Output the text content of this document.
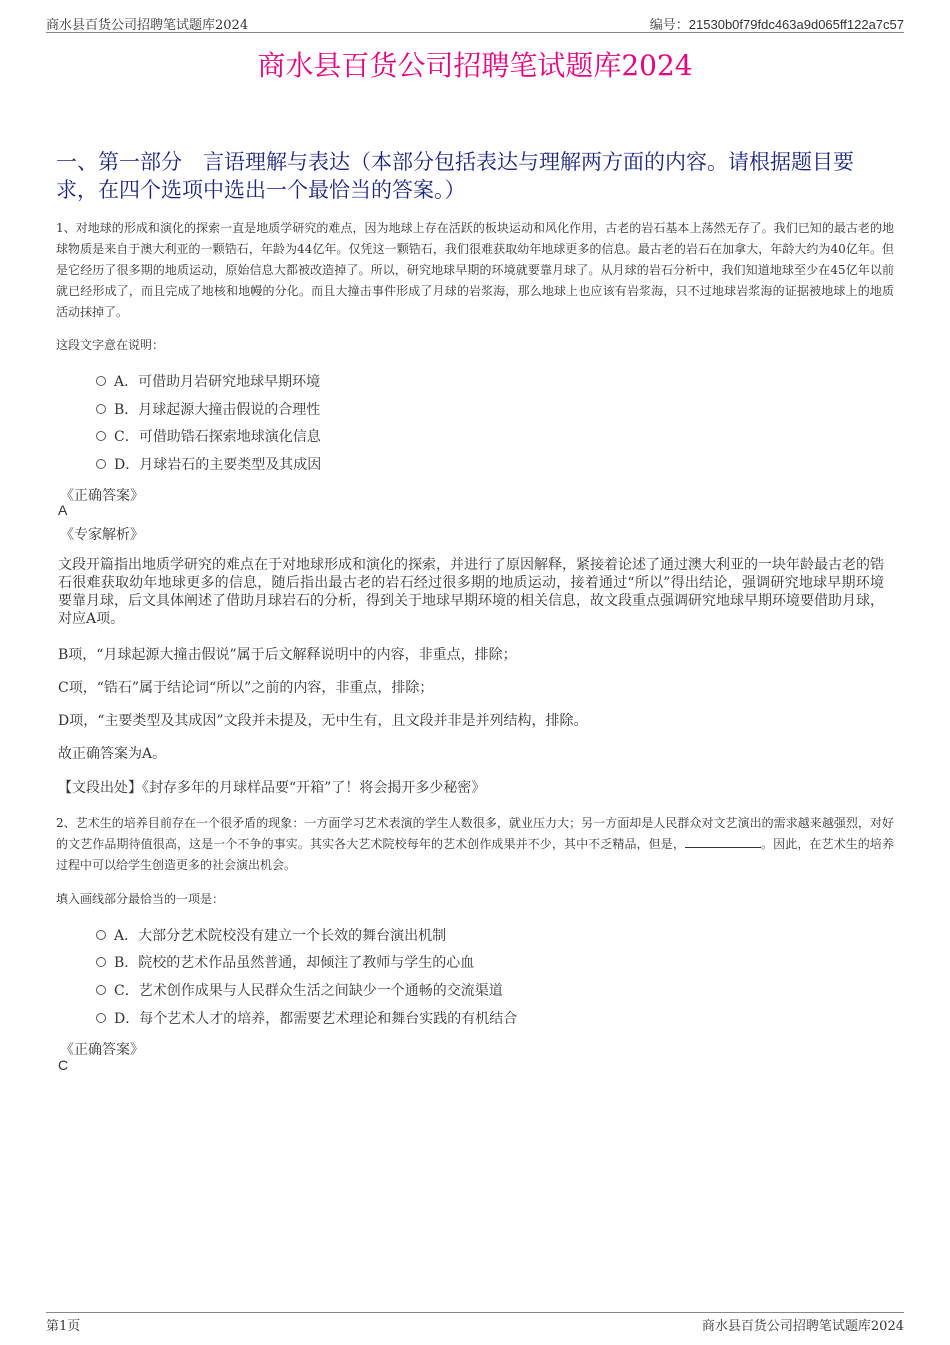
商水县百货公司招聘笔试题库2024	编号：21530b0f79fdc463a9d065ff122a7c57
商水县百货公司招聘笔试题库2024
一、第一部分　言语理解与表达（本部分包括表达与理解两方面的内容。请根据题目要求，在四个选项中选出一个最恰当的答案。）
1、对地球的形成和演化的探索一直是地质学研究的难点，因为地球上存在活跃的板块运动和风化作用，古老的岩石基本上荡然无存了。我们已知的最古老的地球物质是来自于澳大利亚的一颗锆石，年龄为44亿年。仅凭这一颗锆石，我们很难获取幼年地球更多的信息。最古老的岩石在加拿大，年龄大约为40亿年。但是它经历了很多期的地质运动，原始信息大都被改造掉了。所以，研究地球早期的环境就要靠月球了。从月球的岩石分析中，我们知道地球至少在45亿年以前就已经形成了，而且完成了地核和地幔的分化。而且大撞击事件形成了月球的岩浆海，那么地球上也应该有岩浆海，只不过地球岩浆海的证据被地球上的地质活动抹掉了。
这段文字意在说明：
A．可借助月岩研究地球早期环境
B．月球起源大撞击假说的合理性
C．可借助锆石探索地球演化信息
D．月球岩石的主要类型及其成因
《正确答案》
A
《专家解析》
文段开篇指出地质学研究的难点在于对地球形成和演化的探索，并进行了原因解释，紧接着论述了通过澳大利亚的一块年龄最古老的锆石很难获取幼年地球更多的信息，随后指出最古老的岩石经过很多期的地质运动，接着通过“所以”得出结论，强调研究地球早期环境要靠月球，后文具体阐述了借助月球岩石的分析，得到关于地球早期环境的相关信息，故文段重点强调研究地球早期环境要借助月球，对应A项。
B项，“月球起源大撞击假说”属于后文解释说明中的内容，非重点，排除；
C项，“锆石”属于结论词“所以”之前的内容，非重点，排除；
D项，“主要类型及其成因”文段并未提及，无中生有，且文段并非是并列结构，排除。
故正确答案为A。
【文段出处】《封存多年的月球样品要“开箱”了！将会揭开多少秘密》
2、艺术生的培养目前存在一个很矛盾的现象：一方面学习艺术表演的学生人数很多，就业压力大；另一方面却是人民群众对文艺演出的需求越来越强烈，对好的文艺作品期待值很高，这是一个不争的事实。其实各大艺术院校每年的艺术创作成果并不少，其中不乏精品，但是，	。因此，在艺术生的培养过程中可以给学生创造更多的社会演出机会。
填入画线部分最恰当的一项是：
A．大部分艺术院校没有建立一个长效的舞台演出机制
B．院校的艺术作品虽然普通，却倾注了教师与学生的心血
C．艺术创作成果与人民群众生活之间缺少一个通畅的交流渠道
D．每个艺术人才的培养，都需要艺术理论和舞台实践的有机结合
《正确答案》
C
第1页	商水县百货公司招聘笔试题库2024
